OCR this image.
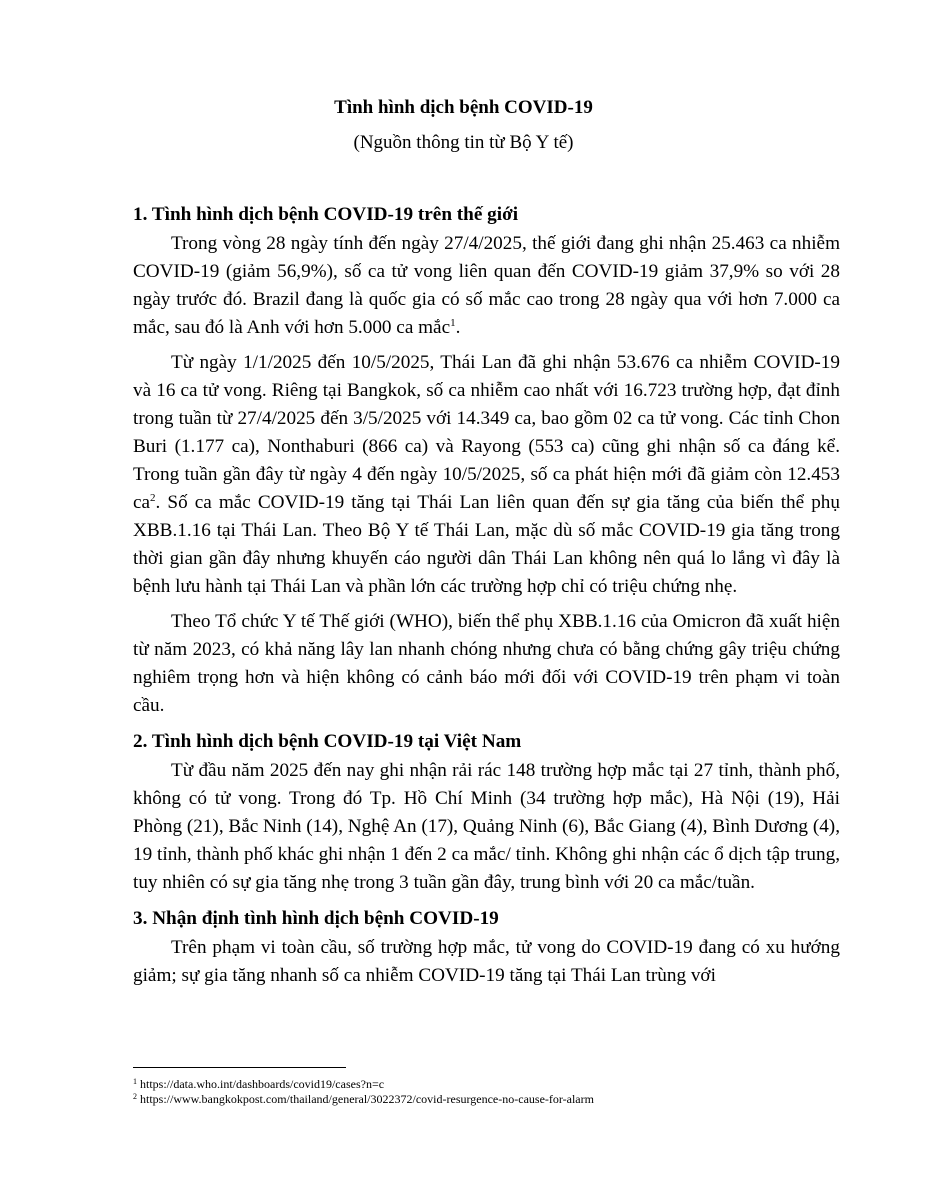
Tình hình dịch bệnh COVID-19
(Nguồn thông tin từ Bộ Y tế)
1. Tình hình dịch bệnh COVID-19 trên thế giới

Trong vòng 28 ngày tính đến ngày 27/4/2025, thế giới đang ghi nhận 25.463 ca nhiễm COVID-19 (giảm 56,9%), số ca tử vong liên quan đến COVID-19 giảm 37,9% so với 28 ngày trước đó. Brazil đang là quốc gia có số mắc cao trong 28 ngày qua với hơn 7.000 ca mắc, sau đó là Anh với hơn 5.000 ca mắc$^1$.

Từ ngày 1/1/2025 đến 10/5/2025, Thái Lan đã ghi nhận 53.676 ca nhiễm COVID-19 và 16 ca tử vong. Riêng tại Bangkok, số ca nhiễm cao nhất với 16.723 trường hợp, đạt đỉnh trong tuần từ 27/4/2025 đến 3/5/2025 với 14.349 ca, bao gồm 02 ca tử vong. Các tỉnh Chon Buri (1.177 ca), Nonthaburi (866 ca) và Rayong (553 ca) cũng ghi nhận số ca đáng kể. Trong tuần gần đây từ ngày 4 đến ngày 10/5/2025, số ca phát hiện mới đã giảm còn 12.453 $ca^2$. Số ca mắc COVID-19 tăng tại Thái Lan liên quan đến sự gia tăng của biến thể phụ XBB.1.16 tại Thái Lan. Theo Bộ Y tế Thái Lan, mặc dù số mắc COVID-19 gia tăng trong thời gian gần đây nhưng khuyến cáo người dân Thái Lan không nên quá lo lắng vì đây là bệnh lưu hành tại Thái Lan và phần lớn các trường hợp chỉ có triệu chứng nhẹ.

Theo Tổ chức Y tế Thế giới (WHO), biến thể phụ XBB.1.16 của Omicron đã xuất hiện từ năm 2023, có khả năng lây lan nhanh chóng nhưng chưa có bằng chứng gây triệu chứng nghiêm trọng hơn và hiện không có cảnh báo mới đối với COVID-19 trên phạm vi toàn cầu.

2. Tình hình dịch bệnh COVID-19 tại Việt Nam

Từ đầu năm 2025 đến nay ghi nhận rải rác 148 trường hợp mắc tại 27 tỉnh, thành phố, không có tử vong. Trong đó Tp. Hồ Chí Minh (34 trường hợp mắc), Hà Nội (19), Hải Phòng (21), Bắc Ninh (14), Nghệ An (17), Quảng Ninh (6), Bắc Giang (4), Bình Dương (4), 19 tỉnh, thành phố khác ghi nhận 1 đến 2 ca mắc/ tỉnh. Không ghi nhận các ổ dịch tập trung, tuy nhiên có sự gia tăng nhẹ trong 3 tuần gần đây, trung bình với 20 ca mắc/tuần.

3. Nhận định tình hình dịch bệnh COVID-19

Trên phạm vi toàn cầu, số trường hợp mắc, tử vong do COVID-19 đang có xu hướng giảm; sự gia tăng nhanh số ca nhiễm COVID-19 tăng tại Thái Lan trùng với

$^1$ https://data.who.int/dashboards/covid19/cases?n=c
$^2$ https://www.bangkokpost.com/thailand/general/3022372/covid-resurgence-no-cause-for-alarm
